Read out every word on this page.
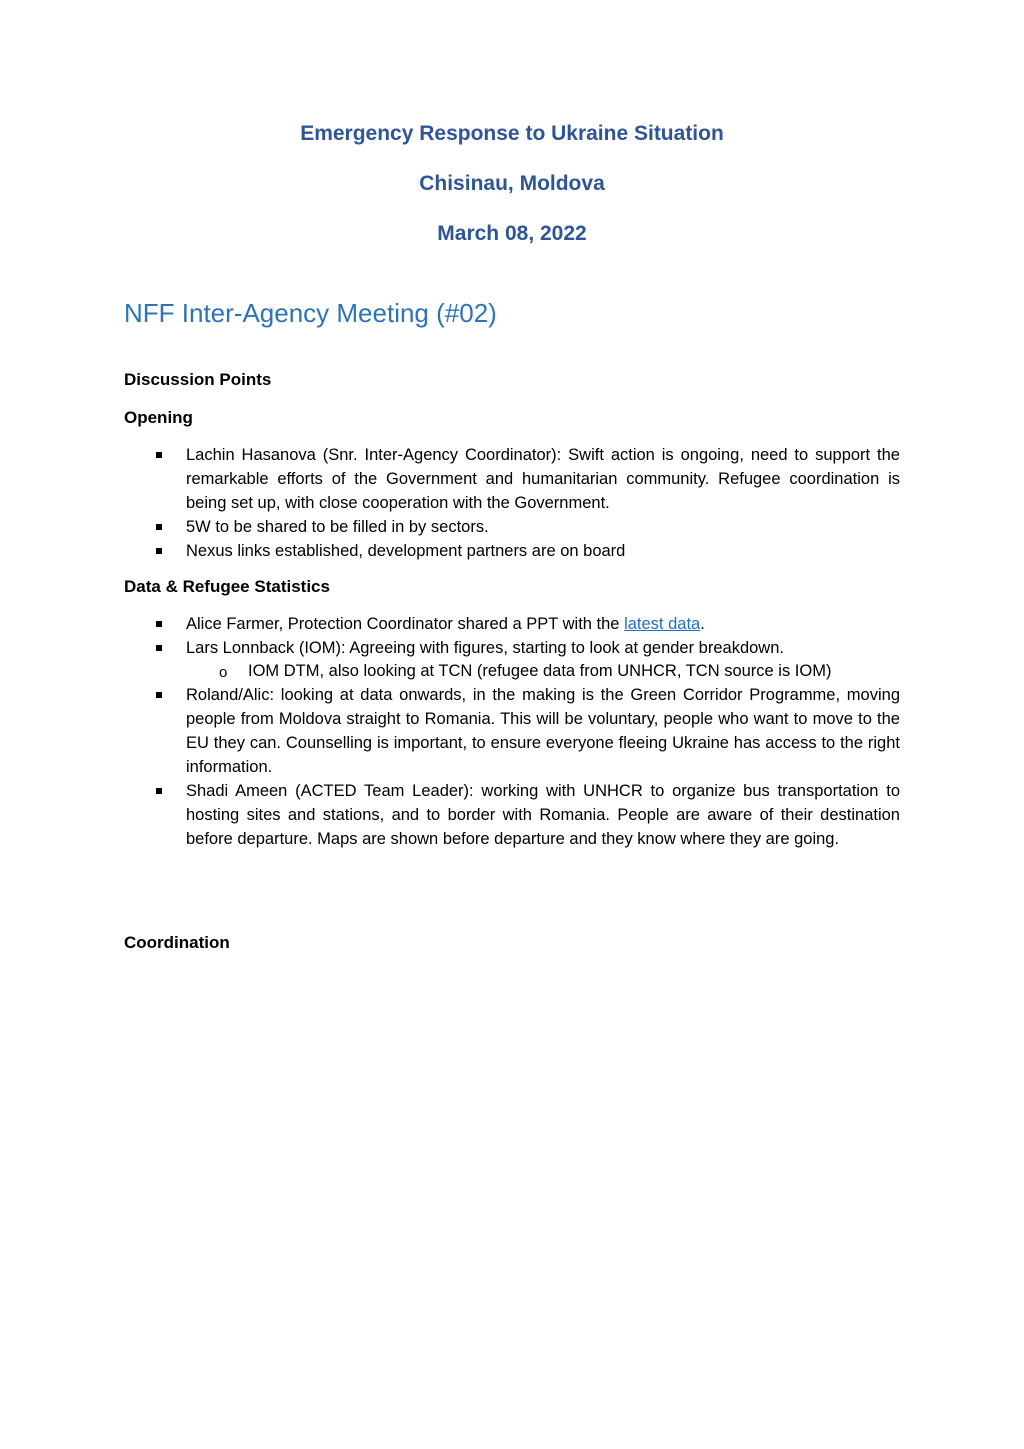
Emergency Response to Ukraine Situation

Chisinau, Moldova

March 08, 2022

NFF Inter-Agency Meeting (#02)

Discussion Points

Opening

Lachin Hasanova (Snr. Inter-Agency Coordinator): Swift action is ongoing, need to support the remarkable efforts of the Government and humanitarian community. Refugee coordination is being set up, with close cooperation with the Government.
5W to be shared to be filled in by sectors.
Nexus links established, development partners are on board

Data & Refugee Statistics

Alice Farmer, Protection Coordinator shared a PPT with the latest data.
Lars Lonnback (IOM): Agreeing with figures, starting to look at gender breakdown.
o IOM DTM, also looking at TCN (refugee data from UNHCR, TCN source is IOM)
Roland/Alic: looking at data onwards, in the making is the Green Corridor Programme, moving people from Moldova straight to Romania. This will be voluntary, people who want to move to the EU they can. Counselling is important, to ensure everyone fleeing Ukraine has access to the right information.
Shadi Ameen (ACTED Team Leader): working with UNHCR to organize bus transportation to hosting sites and stations, and to border with Romania. People are aware of their destination before departure. Maps are shown before departure and they know where they are going.

Coordination
